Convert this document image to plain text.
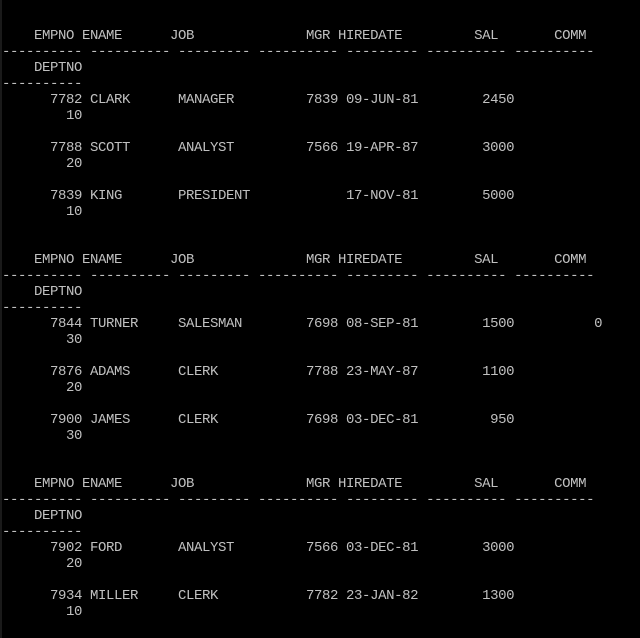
EMPNO ENAME      JOB              MGR HIREDATE         SAL       COMM
---------- ---------- --------- ---------- --------- ---------- ----------
DEPTNO
----------
7782 CLARK      MANAGER         7839 09-JUN-81        2450
10
7788 SCOTT      ANALYST         7566 19-APR-87        3000
20
7839 KING       PRESIDENT            17-NOV-81        5000
10
EMPNO ENAME      JOB              MGR HIREDATE         SAL       COMM
---------- ---------- --------- ---------- --------- ---------- ----------
DEPTNO
----------
7844 TURNER     SALESMAN        7698 08-SEP-81        1500          0
30
7876 ADAMS      CLERK           7788 23-MAY-87        1100
20
7900 JAMES      CLERK           7698 03-DEC-81         950
30
EMPNO ENAME      JOB              MGR HIREDATE         SAL       COMM
---------- ---------- --------- ---------- --------- ---------- ----------
DEPTNO
----------
7902 FORD       ANALYST         7566 03-DEC-81        3000
20
7934 MILLER     CLERK           7782 23-JAN-82        1300
10
